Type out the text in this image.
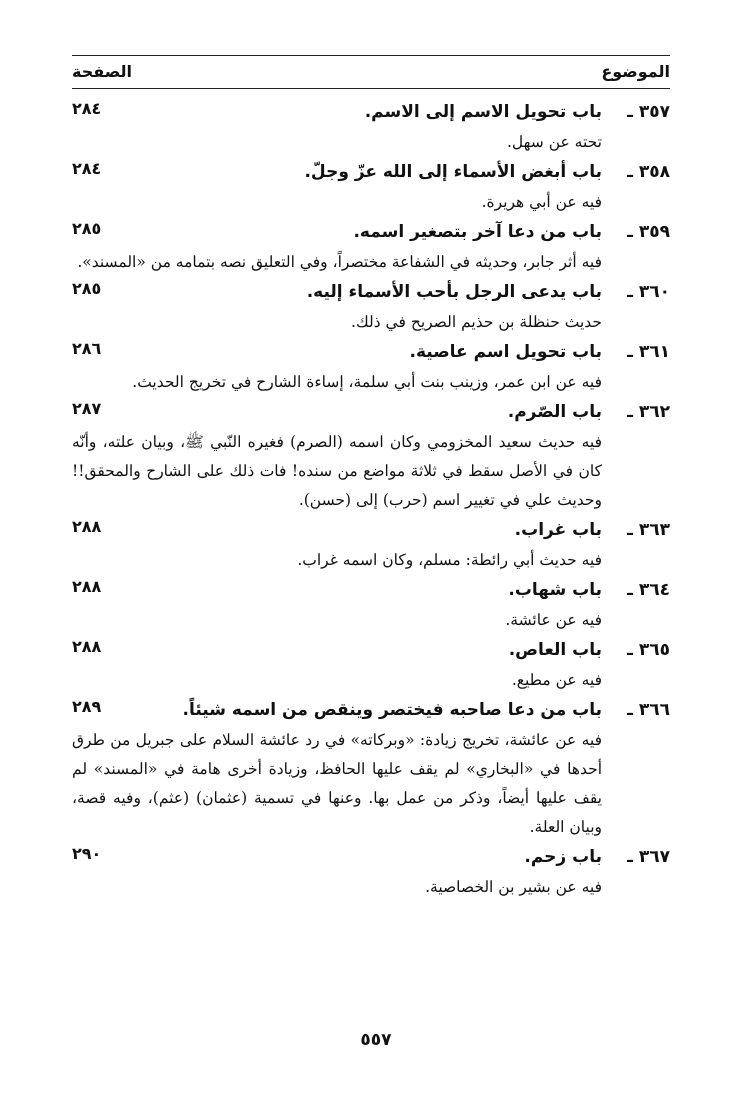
الموضوع
الصفحة
٣٥٧ ـ
باب تحويل الاسم إلى الاسم.
٢٨٤
تحته عن سهل.
٣٥٨ ـ
باب أبغض الأسماء إلى الله عزّ وجلّ.
٢٨٤
فيه عن أبي هريرة.
٣٥٩ ـ
باب من دعا آخر بتصغير اسمه.
٢٨٥
فيه أثر جابر، وحديثه في الشفاعة مختصراً، وفي التعليق نصه بتمامه من «المسند».
٣٦٠ ـ
باب يدعى الرجل بأحب الأسماء إليه.
٢٨٥
حديث حنظلة بن حذيم الصريح في ذلك.
٣٦١ ـ
باب تحويل اسم عاصية.
٢٨٦
فيه عن ابن عمر، وزينب بنت أبي سلمة، إساءة الشارح في تخريج الحديث.
٣٦٢ ـ
باب الصّرم.
٢٨٧
فيه حديث سعيد المخزومي وكان اسمه (الصرم) فغيره النّبي ﷺ، وبيان علته، وأنّه كان في الأصل سقط في ثلاثة مواضع من سنده! فات ذلك على الشارح والمحقق!! وحديث علي في تغيير اسم (حرب) إلى (حسن).
٣٦٣ ـ
باب غراب.
٢٨٨
فيه حديث أبي رائطة: مسلم، وكان اسمه غراب.
٣٦٤ ـ
باب شهاب.
٢٨٨
فيه عن عائشة.
٣٦٥ ـ
باب العاص.
٢٨٨
فيه عن مطيع.
٣٦٦ ـ
باب من دعا صاحبه فيختصر وينقص من اسمه شيئاً.
٢٨٩
فيه عن عائشة، تخريج زيادة: «وبركاته» في رد عائشة السلام على جبريل من طرق أحدها في «البخاري» لم يقف عليها الحافظ، وزيادة أخرى هامة في «المسند» لم يقف عليها أيضاً، وذكر من عمل بها. وعنها في تسمية (عثمان) (عثم)، وفيه قصة، وبيان العلة.
٣٦٧ ـ
باب زحم.
٢٩٠
فيه عن بشير بن الخصاصية.
٥٥٧
